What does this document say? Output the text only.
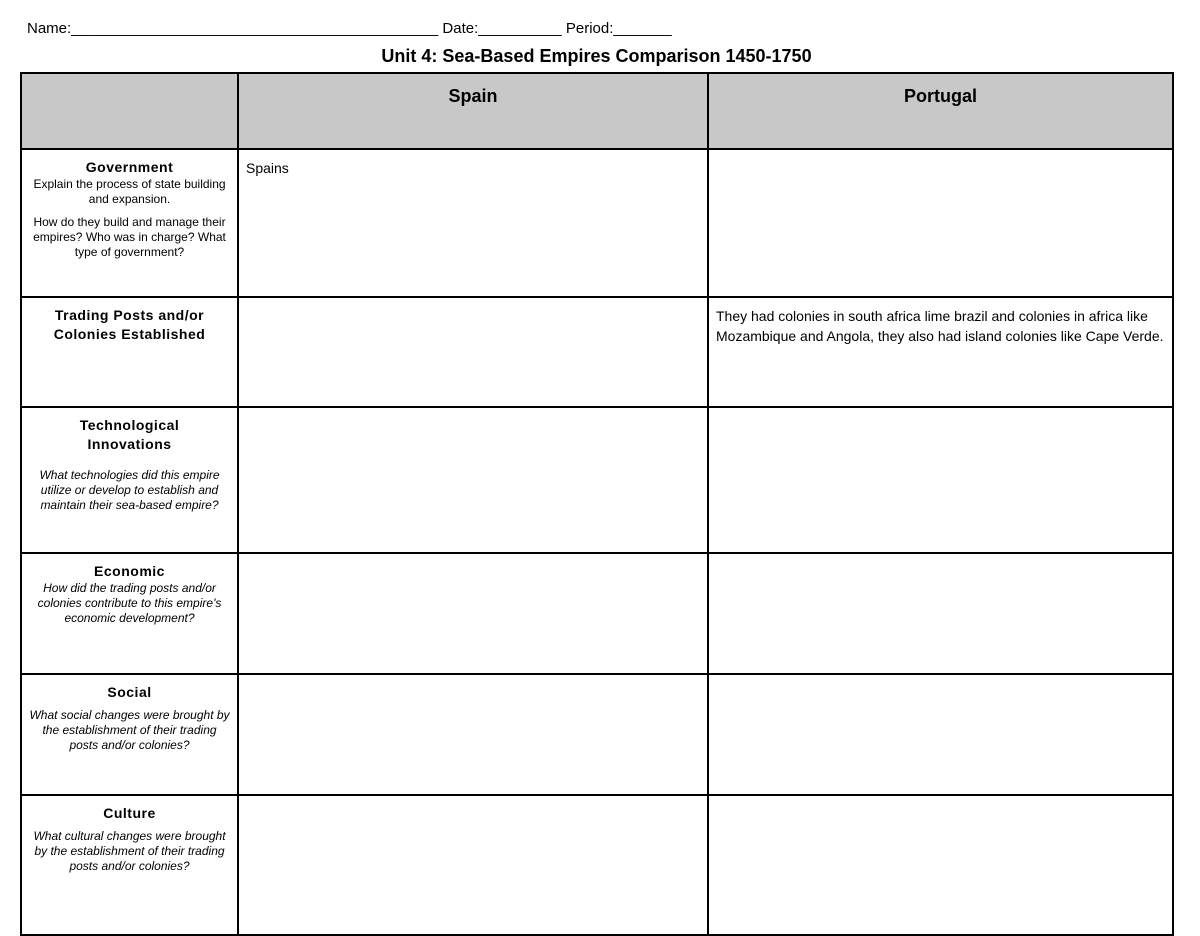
Name:____________________________________________ Date:__________ Period:_______
Unit 4: Sea-Based Empires Comparison 1450-1750
	Spain	Portugal

Government
Explain the process of state building and expansion.
How do they build and manage their empires? Who was in charge? What type of government?	Spains	

Trading Posts and/or Colonies Established		They had colonies in south africa lime brazil and colonies in africa like Mozambique and Angola, they also had island colonies like Cape Verde.

Technological Innovations
What technologies did this empire utilize or develop to establish and maintain their sea-based empire?		

Economic
How did the trading posts and/or colonies contribute to this empire's economic development?		

Social
What social changes were brought by the establishment of their trading posts and/or colonies?		

Culture
What cultural changes were brought by the establishment of their trading posts and/or colonies?		
